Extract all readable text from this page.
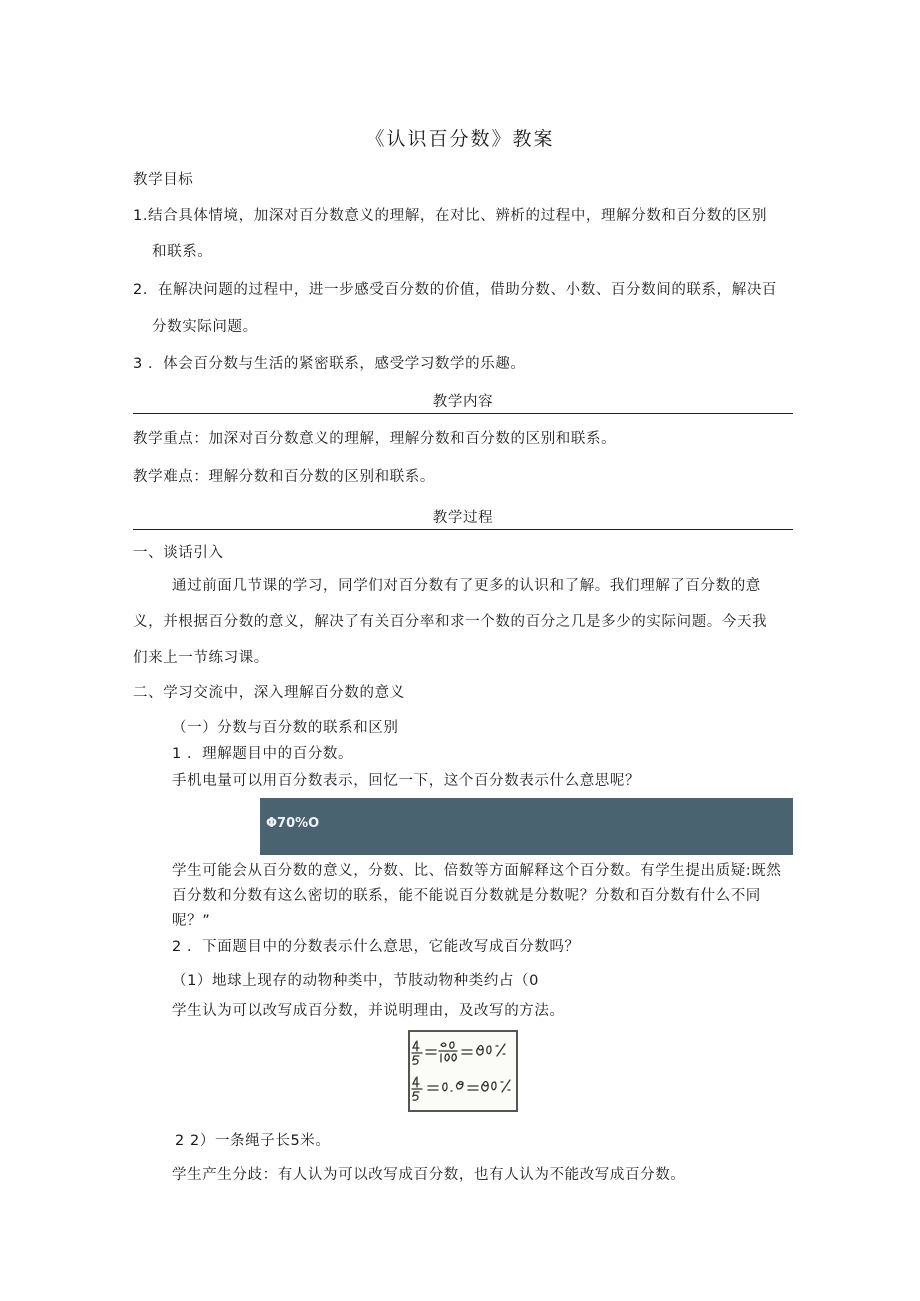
《认识百分数》教案
教学目标
1.结合具体情境，加深对百分数意义的理解，在对比、辨析的过程中，理解分数和百分数的区别
和联系。
2．在解决问题的过程中，进一步感受百分数的价值，借助分数、小数、百分数间的联系，解决百
分数实际问题。
3 ．体会百分数与生活的紧密联系，感受学习数学的乐趣。
教学内容
教学重点：加深对百分数意义的理解，理解分数和百分数的区别和联系。
教学难点：理解分数和百分数的区别和联系。
教学过程
一、谈话引入
通过前面几节课的学习，同学们对百分数有了更多的认识和了解。我们理解了百分数的意
义，并根据百分数的意义，解决了有关百分率和求一个数的百分之几是多少的实际问题。今天我
们来上一节练习课。
二、学习交流中，深入理解百分数的意义
（一）分数与百分数的联系和区别
1 ．理解题目中的百分数。
手机电量可以用百分数表示，回忆一下，这个百分数表示什么意思呢？
Φ70%O
学生可能会从百分数的意义，分数、比、倍数等方面解释这个百分数。有学生提出质疑:既然
百分数和分数有这么密切的联系，能不能说百分数就是分数呢？分数和百分数有什么不同
呢？”
2 ．下面题目中的分数表示什么意思，它能改写成百分数吗？
（1）地球上现存的动物种类中，节肢动物种类约占（0
学生认为可以改写成百分数，并说明理由，及改写的方法。
2 2）一条绳子长5米。
学生产生分歧：有人认为可以改写成百分数，也有人认为不能改写成百分数。
